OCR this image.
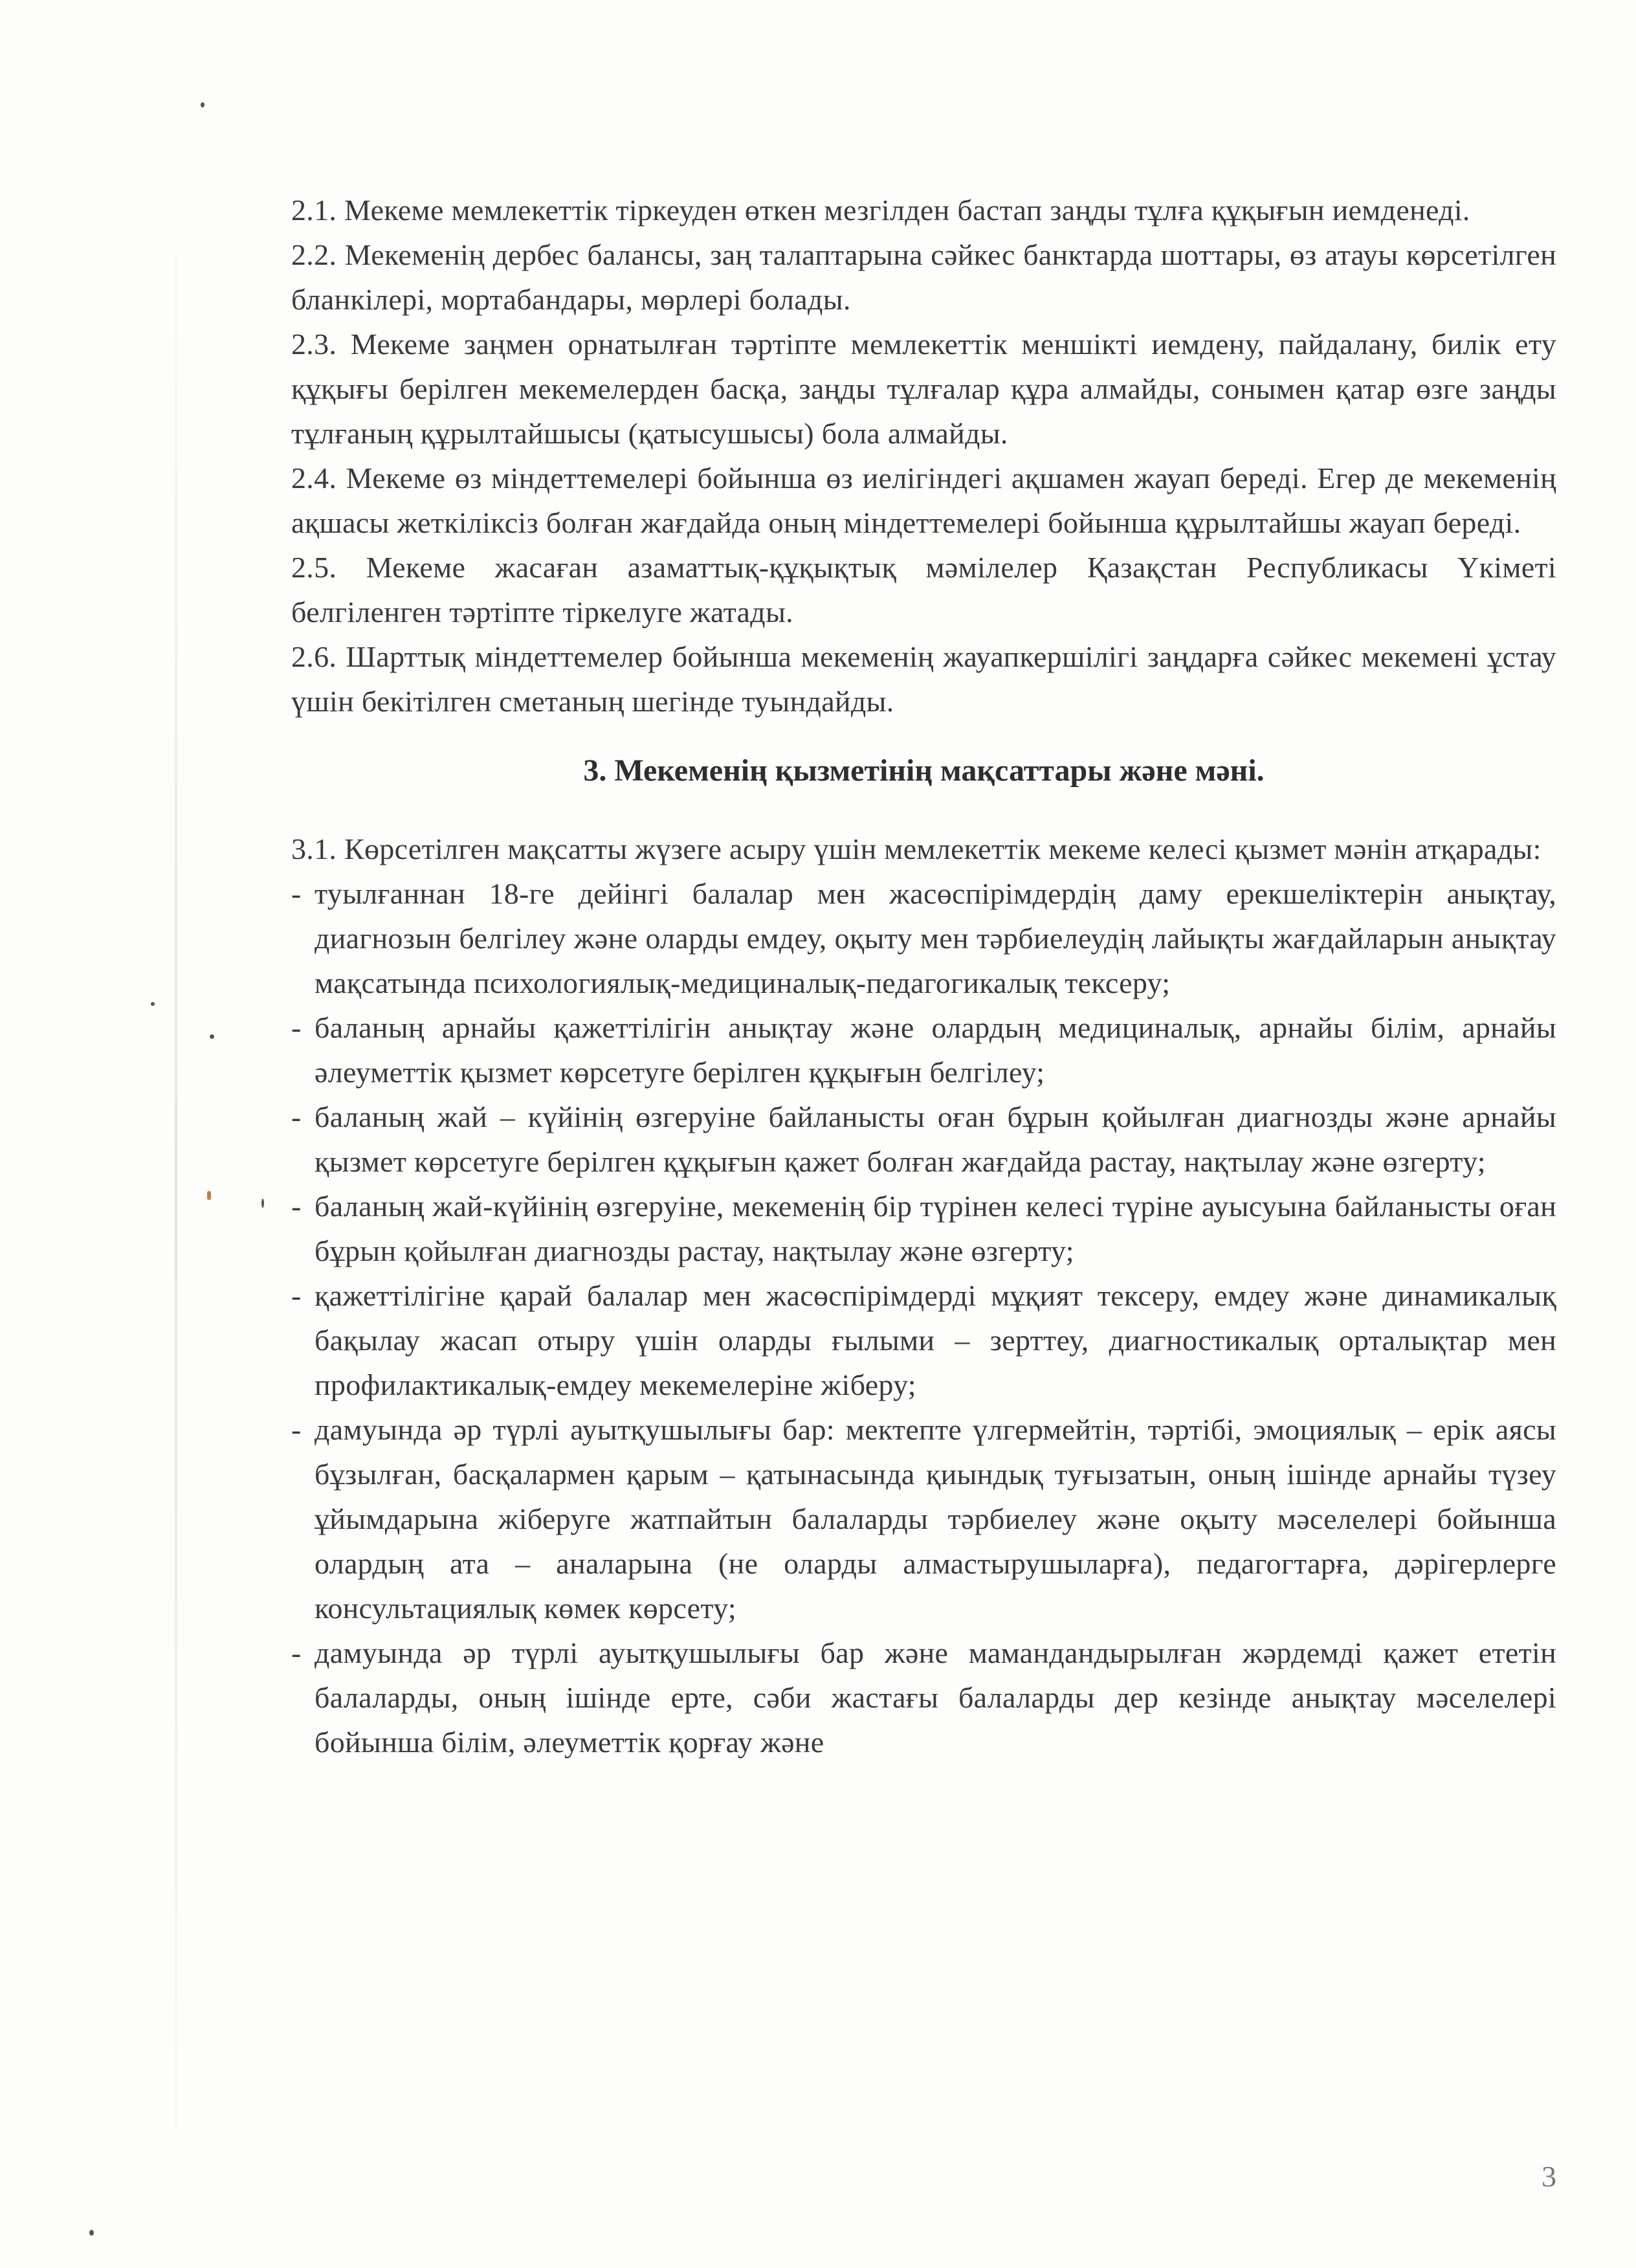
2.1. Мекеме мемлекеттік тіркеуден өткен мезгілден бастап заңды тұлға құқығын иемденеді.

2.2. Мекеменің дербес балансы, заң талаптарына сәйкес банктарда шоттары, өз атауы көрсетілген бланкілері, мортабандары, мөрлері болады.

2.3. Мекеме заңмен орнатылған тәртіпте мемлекеттік меншікті иемдену, пайдалану, билік ету құқығы берілген мекемелерден басқа, заңды тұлғалар құра алмайды, сонымен қатар өзге заңды тұлғаның құрылтайшысы (қатысушысы) бола алмайды.

2.4. Мекеме өз міндеттемелері бойынша өз иелігіндегі ақшамен жауап береді. Егер де мекеменің ақшасы жеткіліксіз болған жағдайда оның міндеттемелері бойынша құрылтайшы жауап береді.

2.5. Мекеме жасаған азаматтық-құқықтық мәмілелер Қазақстан Республикасы Үкіметі белгіленген тәртіпте тіркелуге жатады.

2.6. Шарттық міндеттемелер бойынша мекеменің жауапкершілігі заңдарға сәйкес мекемені ұстау үшін бекітілген сметаның шегінде туындайды.

3. Мекеменің қызметінің мақсаттары және мәні.

3.1. Көрсетілген мақсатты жүзеге асыру үшін мемлекеттік мекеме келесі қызмет мәнін атқарады:

- туылғаннан 18-ге дейінгі балалар мен жасөспірімдердің даму ерекшеліктерін анықтау, диагнозын белгілеу және оларды емдеу, оқыту мен тәрбиелеудің лайықты жағдайларын анықтау мақсатында психологиялық-медициналық-педагогикалық тексеру;
- баланың арнайы қажеттілігін анықтау және олардың медициналық, арнайы білім, арнайы әлеуметтік қызмет көрсетуге берілген құқығын белгілеу;
- баланың жай – күйінің өзгеруіне байланысты оған бұрын қойылған диагнозды және арнайы қызмет көрсетуге берілген құқығын қажет болған жағдайда растау, нақтылау және өзгерту;
- баланың жай-күйінің өзгеруіне, мекеменің бір түрінен келесі түріне ауысуына байланысты оған бұрын қойылған диагнозды растау, нақтылау және өзгерту;
- қажеттілігіне қарай балалар мен жасөспірімдерді мұқият тексеру, емдеу және динамикалық бақылау жасап отыру үшін оларды ғылыми – зерттеу, диагностикалық орталықтар мен профилактикалық-емдеу мекемелеріне жіберу;
- дамуында әр түрлі ауытқушылығы бар: мектепте үлгермейтін, тәртібі, эмоциялық – ерік аясы бұзылған, басқалармен қарым – қатынасында қиындық туғызатын, оның ішінде арнайы түзеу ұйымдарына жіберуге жатпайтын балаларды тәрбиелеу және оқыту мәселелері бойынша олардың ата – аналарына (не оларды алмастырушыларға), педагогтарға, дәрігерлерге консультациялық көмек көрсету;
- дамуында әр түрлі ауытқушылығы бар және мамандандырылған жәрдемді қажет ететін балаларды, оның ішінде ерте, сәби жастағы балаларды дер кезінде анықтау мәселелері бойынша білім, әлеуметтік қорғау және
3
